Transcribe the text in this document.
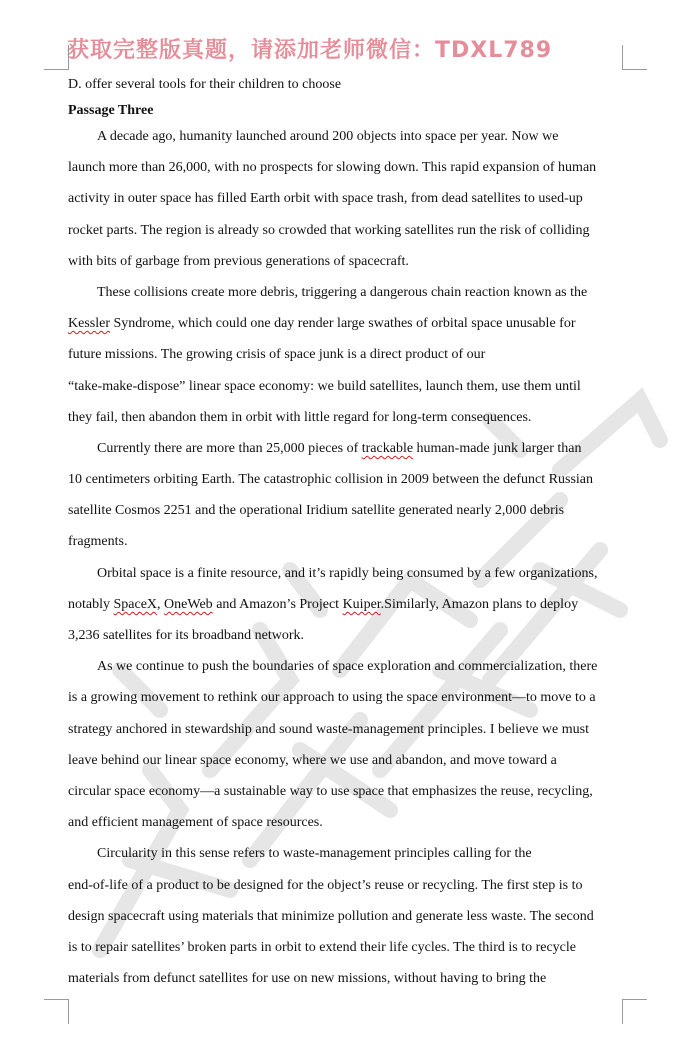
获取完整版真题，请添加老师微信：TDXL789
D. offer several tools for their children to choose
Passage Three
A decade ago, humanity launched around 200 objects into space per year. Now we
launch more than 26,000, with no prospects for slowing down. This rapid expansion of human
activity in outer space has filled Earth orbit with space trash, from dead satellites to used-up
rocket parts. The region is already so crowded that working satellites run the risk of colliding
with bits of garbage from previous generations of spacecraft.
These collisions create more debris, triggering a dangerous chain reaction known as the
Kessler Syndrome, which could one day render large swathes of orbital space unusable for
future missions. The growing crisis of space junk is a direct product of our
“take-make-dispose” linear space economy: we build satellites, launch them, use them until
they fail, then abandon them in orbit with little regard for long-term consequences.
Currently there are more than 25,000 pieces of trackable human-made junk larger than
10 centimeters orbiting Earth. The catastrophic collision in 2009 between the defunct Russian
satellite Cosmos 2251 and the operational Iridium satellite generated nearly 2,000 debris
fragments.
Orbital space is a finite resource, and it’s rapidly being consumed by a few organizations,
notably SpaceX, OneWeb and Amazon’s Project Kuiper.Similarly, Amazon plans to deploy
3,236 satellites for its broadband network.
As we continue to push the boundaries of space exploration and commercialization, there
is a growing movement to rethink our approach to using the space environment—to move to a
strategy anchored in stewardship and sound waste-management principles. I believe we must
leave behind our linear space economy, where we use and abandon, and move toward a
circular space economy—a sustainable way to use space that emphasizes the reuse, recycling,
and efficient management of space resources.
Circularity in this sense refers to waste-management principles calling for the
end-of-life of a product to be designed for the object’s reuse or recycling. The first step is to
design spacecraft using materials that minimize pollution and generate less waste. The second
is to repair satellites’ broken parts in orbit to extend their life cycles. The third is to recycle
materials from defunct satellites for use on new missions, without having to bring the
